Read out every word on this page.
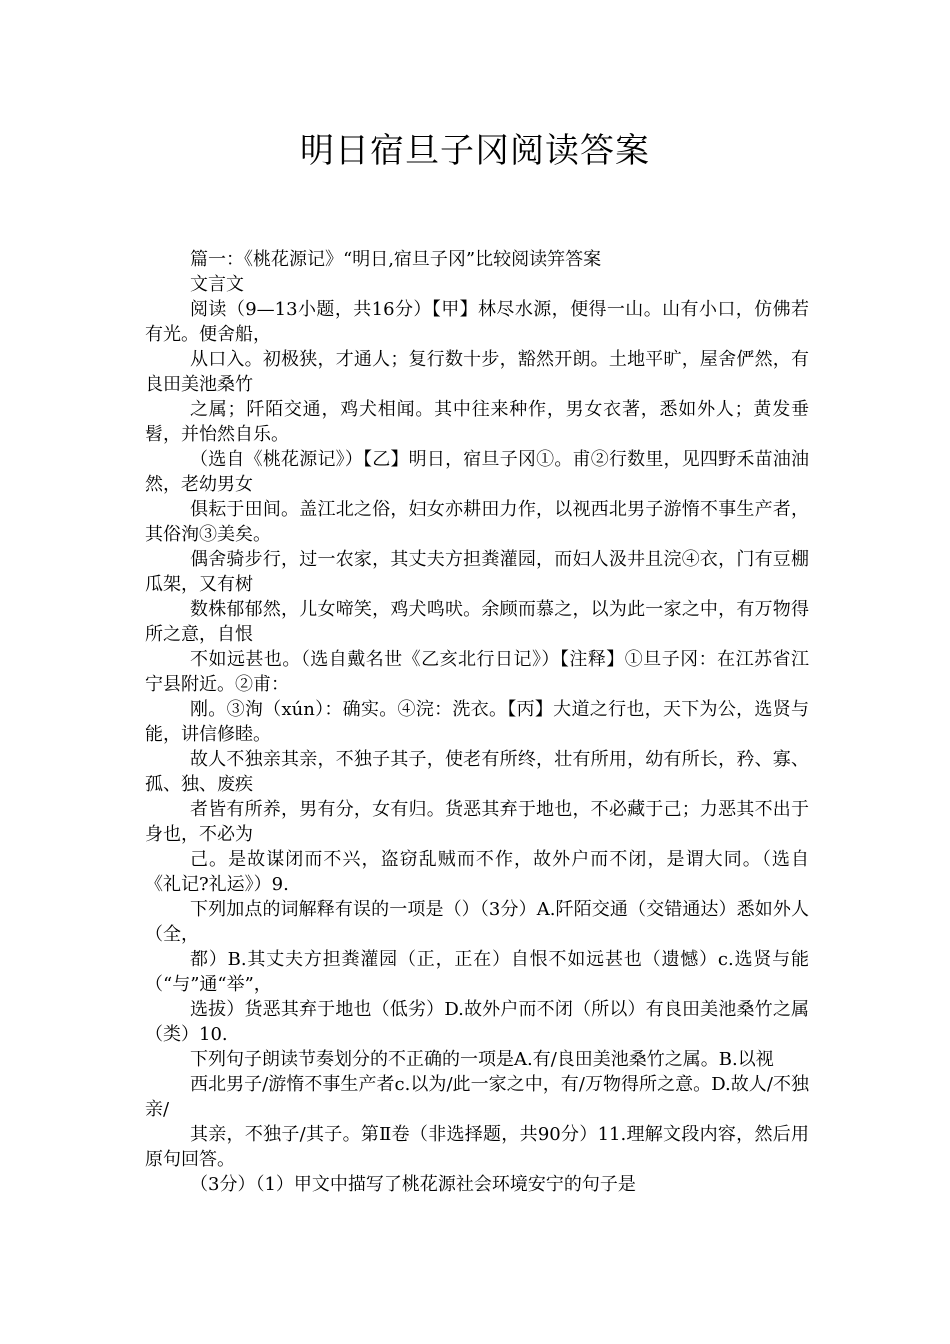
明日宿旦子冈阅读答案

篇一：《桃花源记》“明日,宿旦子冈”比较阅读笄答案

文言文

阅读（9—13小题，共16分）【甲】林尽水源，便得一山。山有小口，仿佛若有光。便舍船，

从口入。初极狭，才通人；复行数十步，豁然开朗。土地平旷，屋舍俨然，有良田美池桑竹

之属；阡陌交通，鸡犬相闻。其中往来种作，男女衣著，悉如外人；黄发垂髫，并怡然自乐。

（选自《桃花源记》）【乙】明日，宿旦子冈①。甫②行数里，见四野禾苗油油然，老幼男女

俱耘于田间。盖江北之俗，妇女亦耕田力作，以视西北男子游惰不事生产者，其俗洵③美矣。

偶舍骑步行，过一农家，其丈夫方担粪灌园，而妇人汲井且浣④衣，门有豆棚瓜架，又有树

数株郁郁然，儿女啼笑，鸡犬鸣吠。余顾而慕之，以为此一家之中，有万物得所之意，自恨

不如远甚也。（选自戴名世《乙亥北行日记》）【注释】①旦子冈：在江苏省江宁县附近。②甫：

刚。③洵（xún）：确实。④浣：洗衣。【丙】大道之行也，天下为公，选贤与能，讲信修睦。

故人不独亲其亲，不独子其子，使老有所终，壮有所用，幼有所长，矜、寡、孤、独、废疾

者皆有所养，男有分，女有归。货恶其弃于地也，不必藏于己；力恶其不出于身也，不必为

己。是故谋闭而不兴，盗窃乱贼而不作，故外户而不闭，是谓大同。（选自《礼记?礼运》）9.

下列加点的词解释有误的一项是（）（3分）A.阡陌交通（交错通达）悉如外人（全，

都）B.其丈夫方担粪灌园（正，正在）自恨不如远甚也（遗憾）c.选贤与能（“与”通“举”，

选拔）货恶其弃于地也（低劣）D.故外户而不闭（所以）有良田美池桑竹之属（类）10.

下列句子朗读节奏划分的不正确的一项是A.有/良田美池桑竹之属。B.以视

西北男子/游惰不事生产者c.以为/此一家之中，有/万物得所之意。D.故人/不独亲/

其亲，不独子/其子。第Ⅱ卷（非选择题，共90分）11.理解文段内容，然后用原句回答。

（3分）（1）甲文中描写了桃花源社会环境安宁的句子是
